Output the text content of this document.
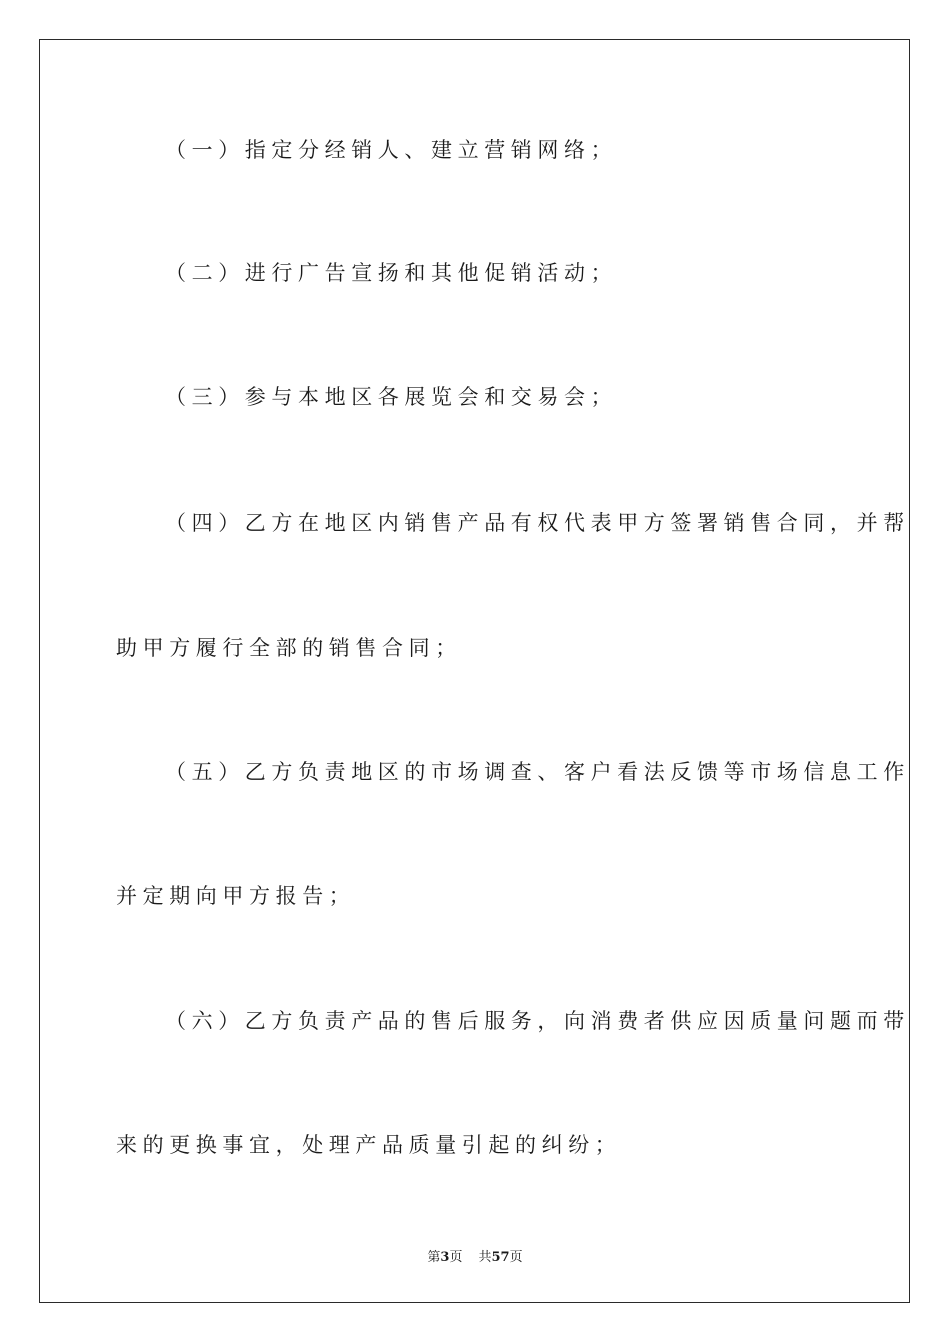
（一）指定分经销人、建立营销网络；
（二）进行广告宣扬和其他促销活动；
（三）参与本地区各展览会和交易会；
（四）乙方在地区内销售产品有权代表甲方签署销售合同，并帮
助甲方履行全部的销售合同；
（五）乙方负责地区的市场调查、客户看法反馈等市场信息工作
并定期向甲方报告；
（六）乙方负责产品的售后服务，向消费者供应因质量问题而带
来的更换事宜，处理产品质量引起的纠纷；
第3页 共57页
